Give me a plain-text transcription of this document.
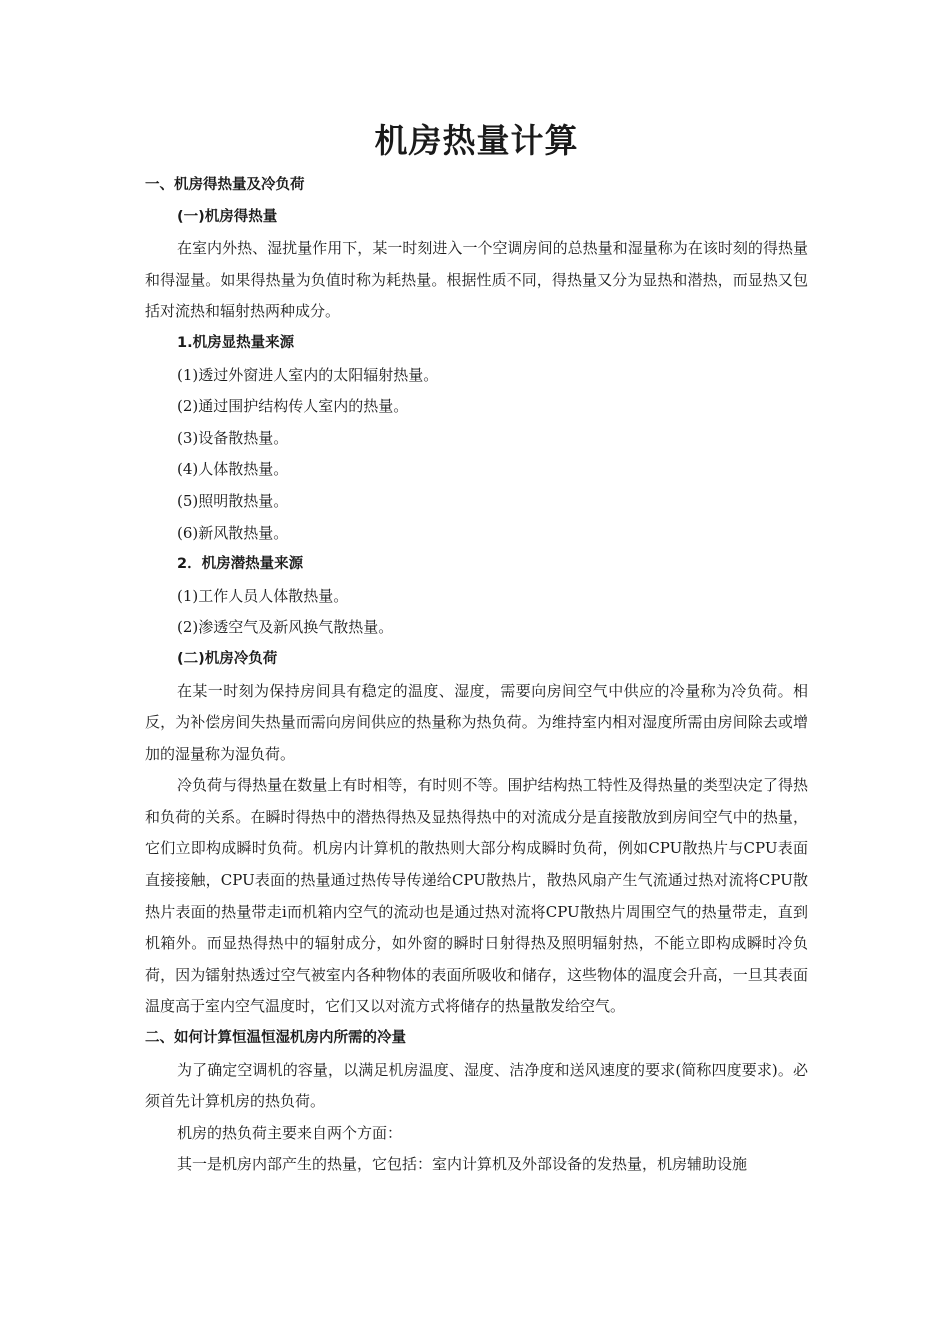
机房热量计算

一、机房得热量及冷负荷

(一)机房得热量

在室内外热、湿扰量作用下，某一时刻进入一个空调房间的总热量和湿量称为在该时刻的得热量和得湿量。如果得热量为负值时称为耗热量。根据性质不同，得热量又分为显热和潜热，而显热又包括对流热和辐射热两种成分。

1.机房显热量来源

(1)透过外窗进人室内的太阳辐射热量。

(2)通过围护结构传人室内的热量。

(3)设备散热量。

(4)人体散热量。

(5)照明散热量。

(6)新风散热量。

2．机房潜热量来源

(1)工作人员人体散热量。

(2)渗透空气及新风换气散热量。

(二)机房冷负荷

在某一时刻为保持房间具有稳定的温度、湿度，需要向房间空气中供应的冷量称为冷负荷。相反，为补偿房间失热量而需向房间供应的热量称为热负荷。为维持室内相对湿度所需由房间除去或增加的湿量称为湿负荷。

冷负荷与得热量在数量上有时相等，有时则不等。围护结构热工特性及得热量的类型决定了得热和负荷的关系。在瞬时得热中的潜热得热及显热得热中的对流成分是直接散放到房间空气中的热量，它们立即构成瞬时负荷。机房内计算机的散热则大部分构成瞬时负荷，例如CPU散热片与CPU表面直接接触，CPU表面的热量通过热传导传递给CPU散热片，散热风扇产生气流通过热对流将CPU散热片表面的热量带走i而机箱内空气的流动也是通过热对流将CPU散热片周围空气的热量带走，直到机箱外。而显热得热中的辐射成分，如外窗的瞬时日射得热及照明辐射热，不能立即构成瞬时冷负荷，因为镭射热透过空气被室内各种物体的表面所吸收和储存，这些物体的温度会升高，一旦其表面温度高于室内空气温度时，它们又以对流方式将储存的热量散发给空气。

二、如何计算恒温恒湿机房内所需的冷量

为了确定空调机的容量，以满足机房温度、湿度、洁净度和送风速度的要求(简称四度要求)。必须首先计算机房的热负荷。

机房的热负荷主要来自两个方面：

其一是机房内部产生的热量，它包括：室内计算机及外部设备的发热量，机房辅助设施
